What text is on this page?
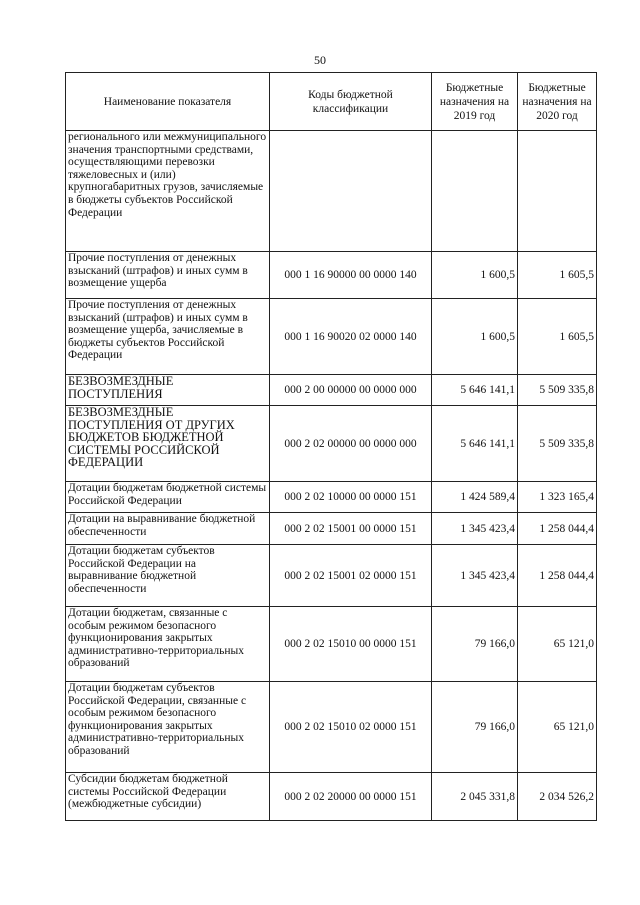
50
Наименование показателя	Коды бюджетной классификации	Бюджетные назначения на 2019 год	Бюджетные назначения на 2020 год
регионального или межмуниципального значения транспортными средствами, осуществляющими перевозки тяжеловесных и (или) крупногабаритных грузов, зачисляемые в бюджеты субъектов Российской Федерации			
Прочие поступления от денежных взысканий (штрафов) и иных сумм в возмещение ущерба	000 1 16 90000 00 0000 140	1 600,5	1 605,5
Прочие поступления от денежных взысканий (штрафов) и иных сумм в возмещение ущерба, зачисляемые в бюджеты субъектов Российской Федерации	000 1 16 90020 02 0000 140	1 600,5	1 605,5
БЕЗВОЗМЕЗДНЫЕ ПОСТУПЛЕНИЯ	000 2 00 00000 00 0000 000	5 646 141,1	5 509 335,8
БЕЗВОЗМЕЗДНЫЕ ПОСТУПЛЕНИЯ ОТ ДРУГИХ БЮДЖЕТОВ БЮДЖЕТНОЙ СИСТЕМЫ РОССИЙСКОЙ ФЕДЕРАЦИИ	000 2 02 00000 00 0000 000	5 646 141,1	5 509 335,8
Дотации бюджетам бюджетной системы Российской Федерации	000 2 02 10000 00 0000 151	1 424 589,4	1 323 165,4
Дотации на выравнивание бюджетной обеспеченности	000 2 02 15001 00 0000 151	1 345 423,4	1 258 044,4
Дотации бюджетам субъектов Российской Федерации на выравнивание бюджетной обеспеченности	000 2 02 15001 02 0000 151	1 345 423,4	1 258 044,4
Дотации бюджетам, связанные с особым режимом безопасного функционирования закрытых административно-территориальных образований	000 2 02 15010 00 0000 151	79 166,0	65 121,0
Дотации бюджетам субъектов Российской Федерации, связанные с особым режимом безопасного функционирования закрытых административно-территориальных образований	000 2 02 15010 02 0000 151	79 166,0	65 121,0
Субсидии бюджетам бюджетной системы Российской Федерации (межбюджетные субсидии)	000 2 02 20000 00 0000 151	2 045 331,8	2 034 526,2
